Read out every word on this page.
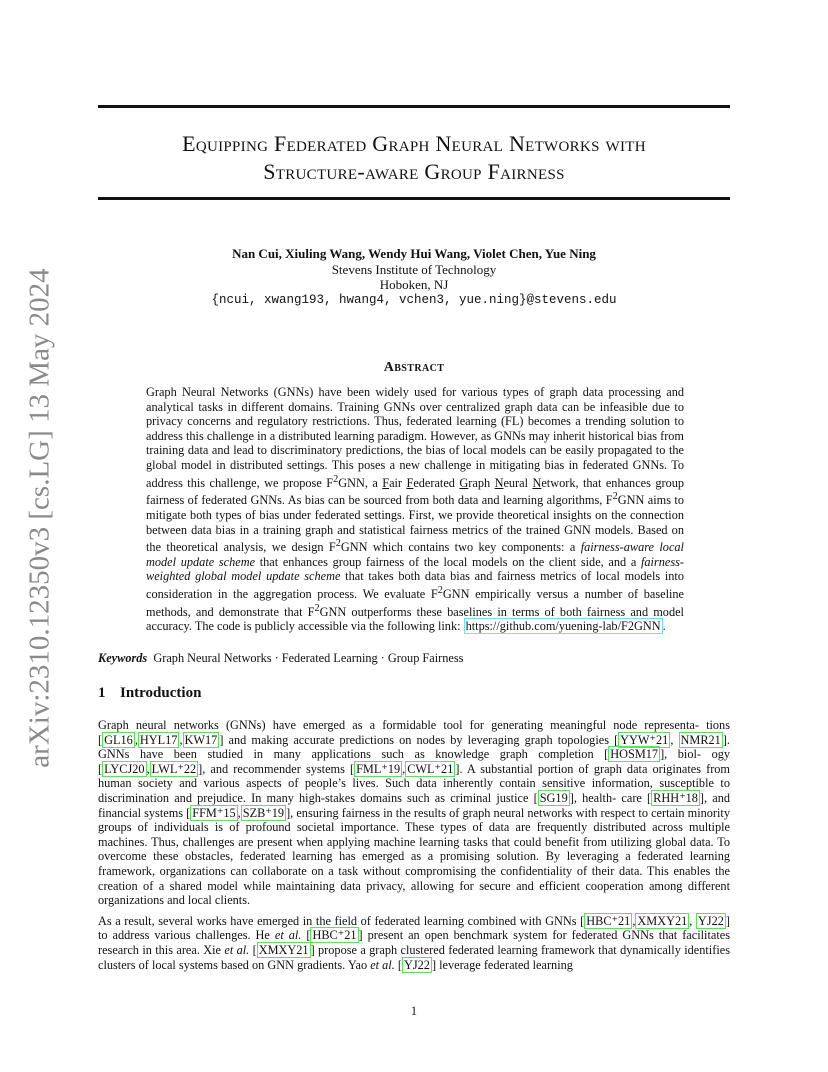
Equipping Federated Graph Neural Networks with
Structure-aware Group Fairness
arXiv:2310.12350v3 [cs.LG] 13 May 2024
Nan Cui, Xiuling Wang, Wendy Hui Wang, Violet Chen, Yue Ning
Stevens Institute of Technology
Hoboken, NJ
{ncui, xwang193, hwang4, vchen3, yue.ning}@stevens.edu
Abstract

Graph Neural Networks (GNNs) have been widely used for various types of graph data processing and analytical tasks in different domains. Training GNNs over centralized graph data can be infeasible due to privacy concerns and regulatory restrictions. Thus, federated learning (FL) becomes a trending solution to address this challenge in a distributed learning paradigm. However, as GNNs may inherit historical bias from training data and lead to discriminatory predictions, the bias of local models can be easily propagated to the global model in distributed settings. This poses a new challenge in mitigating bias in federated GNNs. To address this challenge, we propose $F^2GNN$, a Fair Federated Graph Neural Network, that enhances group fairness of federated GNNs. As bias can be sourced from both data and learning algorithms, $F^2GNN$ aims to mitigate both types of bias under federated settings. First, we provide theoretical insights on the connection between data bias in a training graph and statistical fairness metrics of the trained GNN models. Based on the theoretical analysis, we design $F^2GNN$ which contains two key components: a fairness-aware local model update scheme that enhances group fairness of the local models on the client side, and a fairness-weighted global model update scheme that takes both data bias and fairness metrics of local models into consideration in the aggregation process. We evaluate $F^2GNN$ empirically versus a number of baseline methods, and demonstrate that $F^2GNN$ outperforms these baselines in terms of both fairness and model accuracy. The code is publicly accessible via the following link: https://github.com/yuening-lab/F2GNN .

Keywords Graph Neural Networks · Federated Learning · Group Fairness
1 Introduction

Graph neural networks (GNNs) have emerged as a formidable tool for generating meaningful node representa- tions [ GL16 , HYL17 , KW17 ] and making accurate predictions on nodes by leveraging graph topologies [ YYW⁺21 , NMR21 ]. GNNs have been studied in many applications such as knowledge graph completion [ HOSM17 ], biol- ogy [ LYCJ20 , LWL⁺22 ], and recommender systems [ FML⁺19 , CWL⁺21 ]. A substantial portion of graph data originates from human society and various aspects of people’s lives. Such data inherently contain sensitive information, susceptible to discrimination and prejudice. In many high-stakes domains such as criminal justice [ SG19 ], health- care [ RHH⁺18 ], and financial systems [ FFM⁺15 , SZB⁺19 ], ensuring fairness in the results of graph neural networks with respect to certain minority groups of individuals is of profound societal importance. These types of data are frequently distributed across multiple machines. Thus, challenges are present when applying machine learning tasks that could benefit from utilizing global data. To overcome these obstacles, federated learning has emerged as a promising solution. By leveraging a federated learning framework, organizations can collaborate on a task without compromising the confidentiality of their data. This enables the creation of a shared model while maintaining data privacy, allowing for secure and efficient cooperation among different organizations and local clients.

As a result, several works have emerged in the field of federated learning combined with GNNs [ HBC⁺21 , XMXY21 , YJ22 ] to address various challenges. He et al. [ HBC⁺21 ] present an open benchmark system for federated GNNs that facilitates research in this area. Xie et al. [ XMXY21 ] propose a graph clustered federated learning framework that dynamically identifies clusters of local systems based on GNN gradients. Yao et al. [ YJ22 ] leverage federated learning

1
